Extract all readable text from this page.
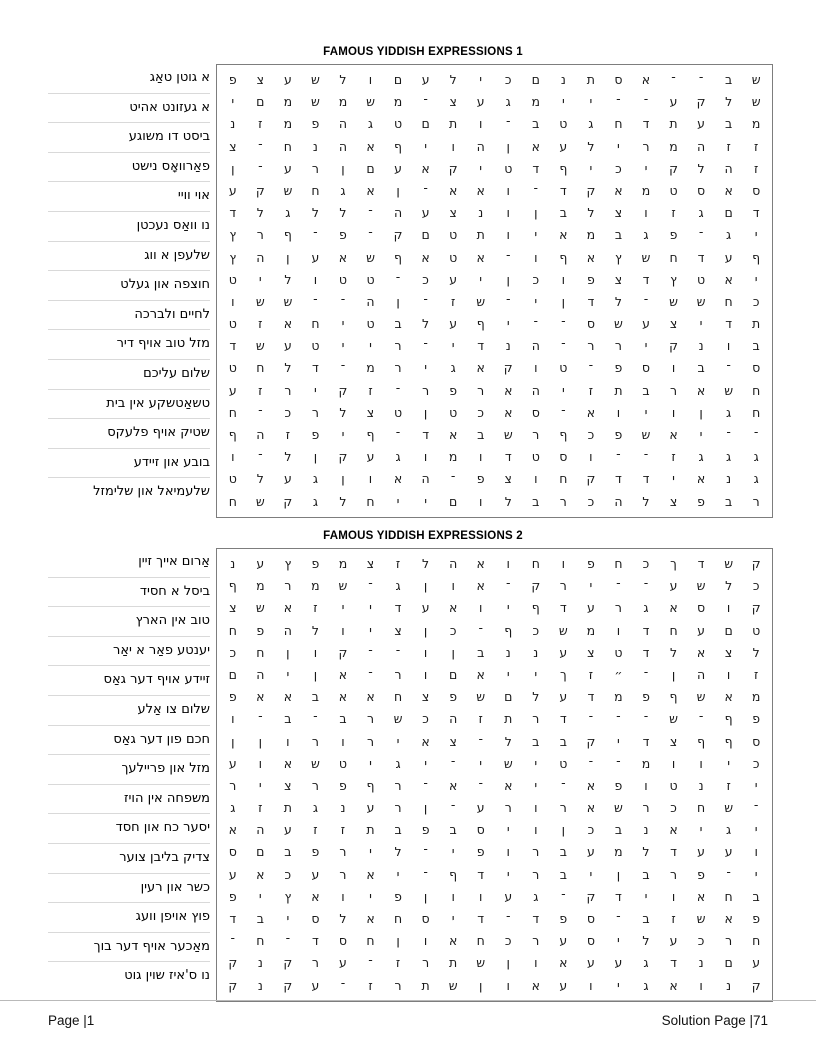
FAMOUS YIDDISH EXPRESSIONS 1
א גוטן טאַג
א געזונט אהיט
ביסט דו משוגע
פאַרוואָס נישט
אוי וויי
נו וואַס נעכטן
שלעפן א ווג
חוצפה און געלט
לחיים ולברכה
מזל טוב אויף דיר
שלום עליכם
טשאַטשקע אין בית
שטיק אויף פלעקס
בובע און זיידע
שלעמיאל און שלימזל
פ	צ	ע	ש	ל	ו	ם	ע	ל	י	כ	ם	נ	ת	ס	א	־	־	ב	ש
י	ם	מ	ש	מ	ש	מ	־	צ	ע	ג	מ	י	י	־	־	ע	ק	ל	ש
נ	ז	מ	פ	ה	ג	ט	ם	ת	ו	־	ב	ט	ג	ח	ד	ת	ע	ב	מ
צ	־	ח	נ	ה	א	ף	י	ו	ה	ן	א	ע	ל	י	ר	מ	ה	ז	ז
ן	־	ע	ר	ן	ם	ע	א	ק	י	ט	ד	ף	י	כ	י	ק	ל	ה	ז
ע	ק	ש	ח	ג	א	ן	־	א	א	ו	־	ד	ק	א	מ	ט	ס	א	ס
ד	ל	ג	ל	ל	־	ה	ע	צ	נ	ו	ן	ב	ל	צ	ו	ז	ג	ם	ד
ץ	ר	ף	־	פ	־	ק	ם	ט	ת	ו	י	א	מ	ב	ג	פ	־	ג	י
ץ	ה	ן	ע	א	ש	ף	א	ט	א	־	ו	ף	א	ץ	ש	ח	ד	ע	ף
ט	י	ל	ו	ט	ט	־	כ	ע	י	ן	כ	ו	פ	צ	ד	ץ	ט	א	י
ו	ש	ש	־	־	ה	ן	־	ז	ש	־	י	ן	ד	ל	־	ש	ש	ח	כ
ט	ז	א	ח	י	ט	ב	ל	ע	ף	י	־	־	ס	ש	ע	צ	י	ד	ת
ד	ש	ע	ט	י	י	ר	־	י	ד	נ	ה	־	ר	ר	י	ק	נ	ו	ב
ט	ח	ל	ד	־	מ	ר	י	ג	א	ק	ו	ט	־	פ	ס	ו	ב	־	ס
ע	ז	ר	י	ק	ז	־	ר	פ	ר	א	ה	י	ז	ת	ב	ר	א	ש	ח
ח	־	כ	ר	ל	צ	ט	ן	ט	כ	א	ס	־	א	ו	י	ו	ן	ג	ח
ף	ה	ז	פ	י	ף	־	ד	א	ב	ש	ר	ף	כ	פ	ש	א	י	־	־
ו	־	ל	ן	ק	ע	ג	ו	מ	ו	ד	ט	ס	ו	־	־	ז	ג	ג	ג
ט	ל	ע	ג	ן	ו	א	ה	־	פ	צ	ו	ח	ק	ד	ד	י	א	נ	ג
ח	ש	ק	ג	ל	ח	י	י	ם	ו	ל	ב	ר	כ	ה	ל	צ	פ	ב	ר
FAMOUS YIDDISH EXPRESSIONS 2
אַרום אייך זיין
ביסל א חסיד
טוב אין הארץ
יענטע פאַר א יאַר
זיידע אויף דער גאַס
שלום צו אַלע
חכם פון דער גאַס
מזל און פריילעך
משפחה אין הויז
יסער כח און חסד
צדיק בליבן צוער
כשר און רעין
פוץ אויפן וועג
מאַכער אויף דער בוך
נו ס'איז שוין גוט
נ	ע	ץ	פ	מ	צ	ז	ל	ה	א	ו	ח	ו	פ	ח	כ	ך	ד	ש	ק
ף	מ	ר	מ	ש	־	ג	ן	ו	א	־	ק	ר	י	־	־	ע	ש	ל	כ
צ	ש	א	ז	י	י	ד	ע	א	ו	י	ף	ד	ע	ר	ג	א	ס	ו	ק
ח	פ	ה	ל	ו	י	צ	ן	כ	־	ף	כ	ש	מ	ו	ד	ח	ע	ם	ט
כ	ח	ן	ו	ק	־	־	ו	ן	ב	נ	נ	ע	צ	ט	ד	ל	א	צ	ל
ם	ה	י	ן	א	־	ר	ו	ם	א	י	י	ך	ז	״	־	ן	ה	ו	ז
פ	א	א	ב	א	א	ח	צ	פ	ש	ם	ל	ע	ד	מ	פ	ף	ש	א	מ
ו	־	ב	־	ב	ר	ש	כ	ה	ז	ת	ר	ד	־	־	־	ש	־	ף	פ
ן	ן	ו	ר	ו	ר	י	א	צ	־	ל	ב	ב	ק	י	ד	צ	ף	ף	ס
ע	ו	א	ש	ט	י	ג	י	־	י	ש	י	ט	־	־	מ	ו	ו	י	כ
ר	י	צ	ר	פ	ף	ר	־	א	־	א	י	־	א	פ	ו	ט	נ	ז	י
ג	ז	ת	ג	נ	ע	ר	ן	־	ע	ר	ו	ר	א	ש	ר	כ	ח	ש	־
א	ה	ע	ז	ז	ת	ב	פ	ב	ס	י	ו	ן	כ	ב	נ	א	י	ג	י
ס	ם	ב	פ	ר	י	ל	־	י	פ	ו	ר	ב	ע	מ	ל	ד	ע	ע	ו
ע	א	כ	ע	ר	א	י	־	ף	ד	י	ר	ב	י	ן	ב	ר	פ	־	י
פ	י	ץ	א	ו	י	פ	ן	ו	ו	ע	ג	־	ק	ד	י	ו	א	ח	ב
ד	ב	י	ס	ל	א	ח	ס	י	ד	־	ד	פ	ס	־	ב	ז	ש	א	פ
־	ח	־	ד	ס	ח	ן	ו	א	ח	כ	ר	ע	ס	י	ל	ע	כ	ר	ח
ק	נ	ק	ר	ע	־	ז	ר	ת	ש	ן	ו	א	ע	ע	ג	ד	נ	ם	ע
ק	נ	ק	ע	־	ז	ר	ת	ש	ן	ו	א	ע	ו	י	ג	א	ו	נ	ק
Page |1	Solution Page |71
